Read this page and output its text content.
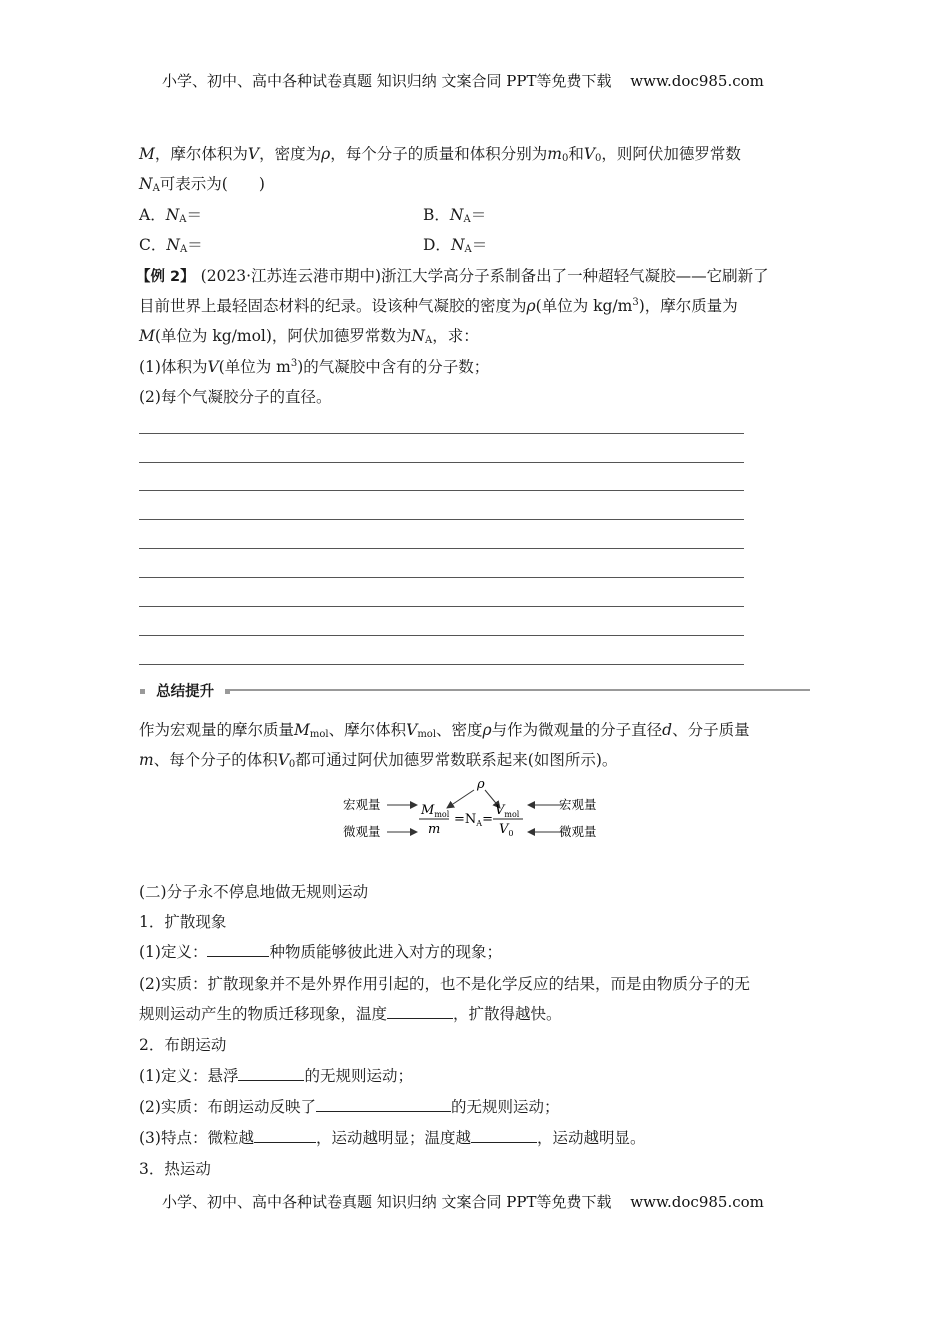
小学、初中、高中各种试卷真题 知识归纳 文案合同 PPT等免费下载 www.doc985.com
M，摩尔体积为V，密度为ρ，每个分子的质量和体积分别为$m_0$和$V_0$，则阿伏加德罗常数
$N_A$可表示为(　　)
A．$N_A=$	B．$N_A=$
C．$N_A=$	D．$N_A=$
【例 2】 (2023·江苏连云港市期中)浙江大学高分子系制备出了一种超轻气凝胶——它刷新了
目前世界上最轻固态材料的纪录。设该种气凝胶的密度为ρ(单位为 $kg/m^3$)，摩尔质量为
M(单位为 kg/mol)，阿伏加德罗常数为$N_A$，求：
(1)体积为V(单位为 $m^3$)的气凝胶中含有的分子数；
(2)每个气凝胶分子的直径。
总结提升
作为宏观量的摩尔质量$M_{mol}$、摩尔体积$V_{mol}$、密度ρ与作为微观量的分子直径d、分子质量
m、每个分子的体积$V_0$都可通过阿伏加德罗常数联系起来(如图所示)。
ρ
宏观量
微观量
$M_{mol}$
m
$=N_A=$
$V_{mol}$
$V_0$
宏观量
微观量
(二)分子永不停息地做无规则运动
1．扩散现象
(1)定义：	种物质能够彼此进入对方的现象；
(2)实质：扩散现象并不是外界作用引起的，也不是化学反应的结果，而是由物质分子的无
规则运动产生的物质迁移现象，温度	，扩散得越快。
2．布朗运动
(1)定义：悬浮	的无规则运动；
(2)实质：布朗运动反映了	的无规则运动；
(3)特点：微粒越	，运动越明显；温度越	，运动越明显。
3．热运动
小学、初中、高中各种试卷真题 知识归纳 文案合同 PPT等免费下载 www.doc985.com
